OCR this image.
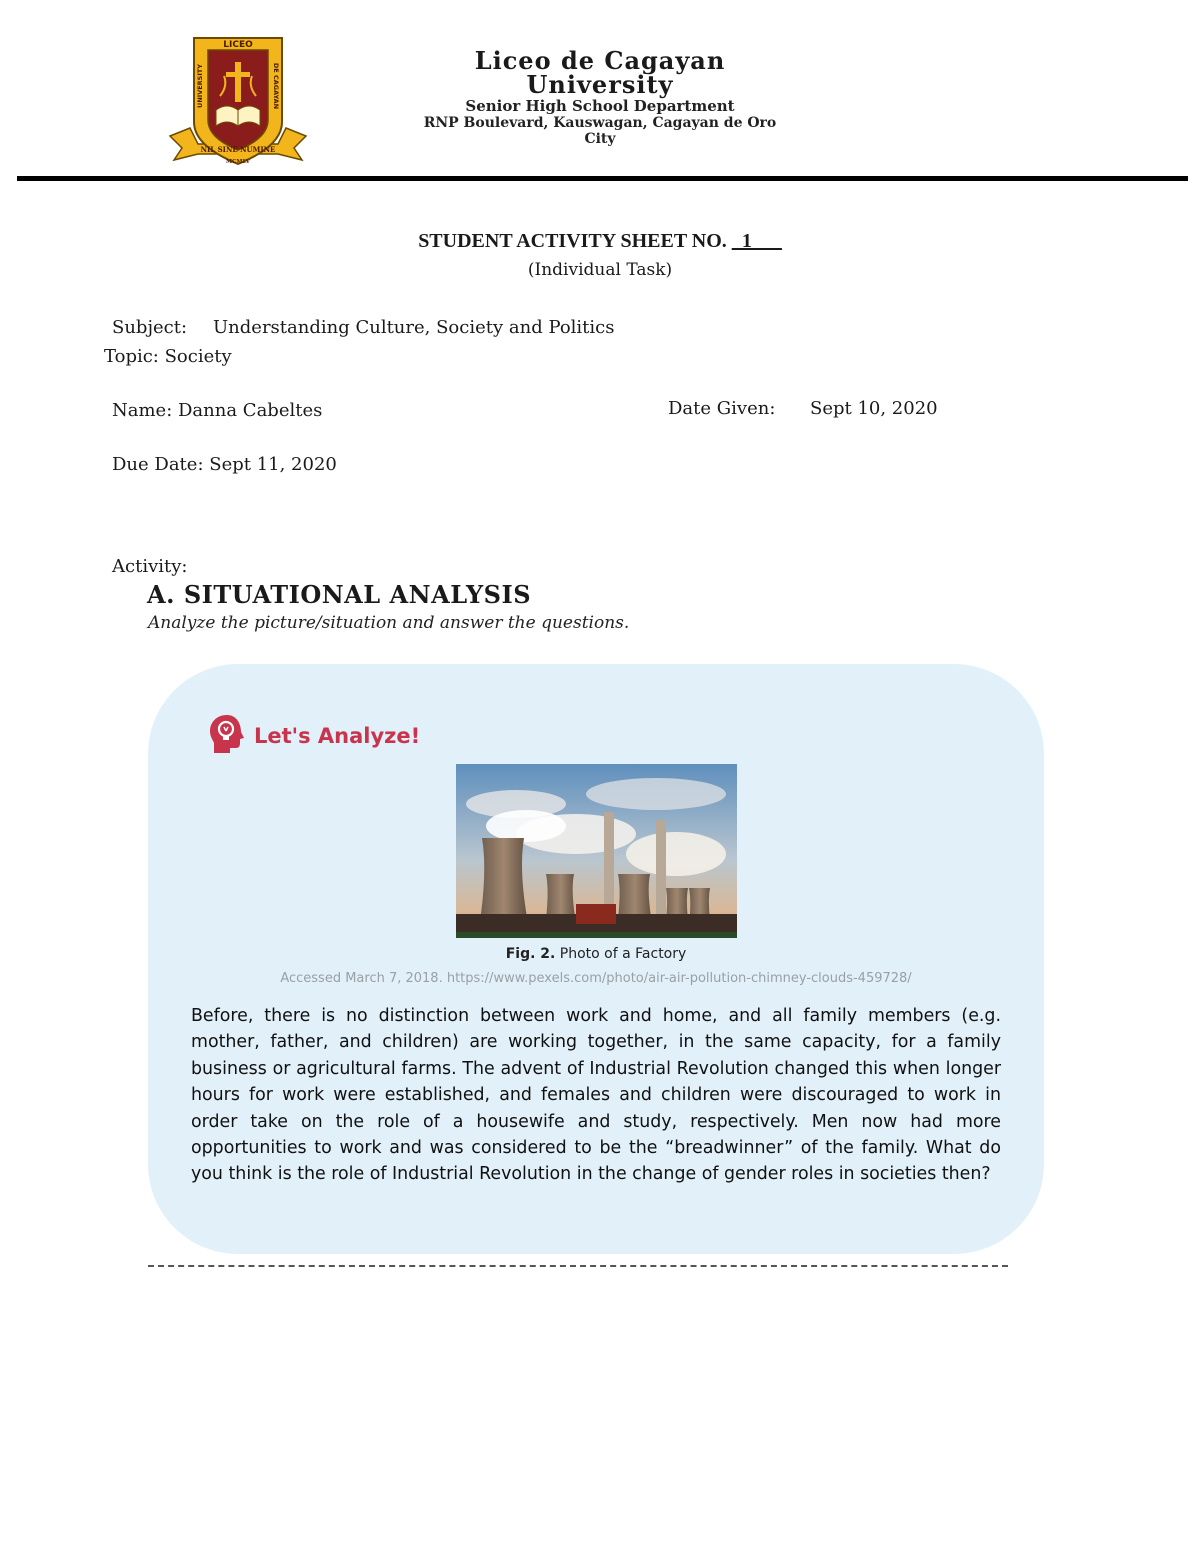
LICEO
UNIVERSITY	DE CAGAYAN
NIL SINE NUMINE
MCMLV
Liceo de Cagayan
University
Senior High School Department
RNP Boulevard, Kauswagan, Cagayan de Oro
City
STUDENT ACTIVITY SHEET NO. _1___
(Individual Task)
Subject: Understanding Culture, Society and Politics
Topic: Society
Name: Danna Cabeltes	Date Given: Sept 10, 2020
Due Date: Sept 11, 2020
Activity:
A. SITUATIONAL ANALYSIS
Analyze the picture/situation and answer the questions.
Let's Analyze!
Fig. 2. Photo of a Factory
Accessed March 7, 2018. https://www.pexels.com/photo/air-air-pollution-chimney-clouds-459728/
Before, there is no distinction between work and home, and all family members (e.g. mother, father, and children) are working together, in the same capacity, for a family business or agricultural farms. The advent of Industrial Revolution changed this when longer hours for work were established, and females and children were discouraged to work in order take on the role of a housewife and study, respectively. Men now had more opportunities to work and was considered to be the “breadwinner” of the family. What do you think is the role of Industrial Revolution in the change of gender roles in societies then?
